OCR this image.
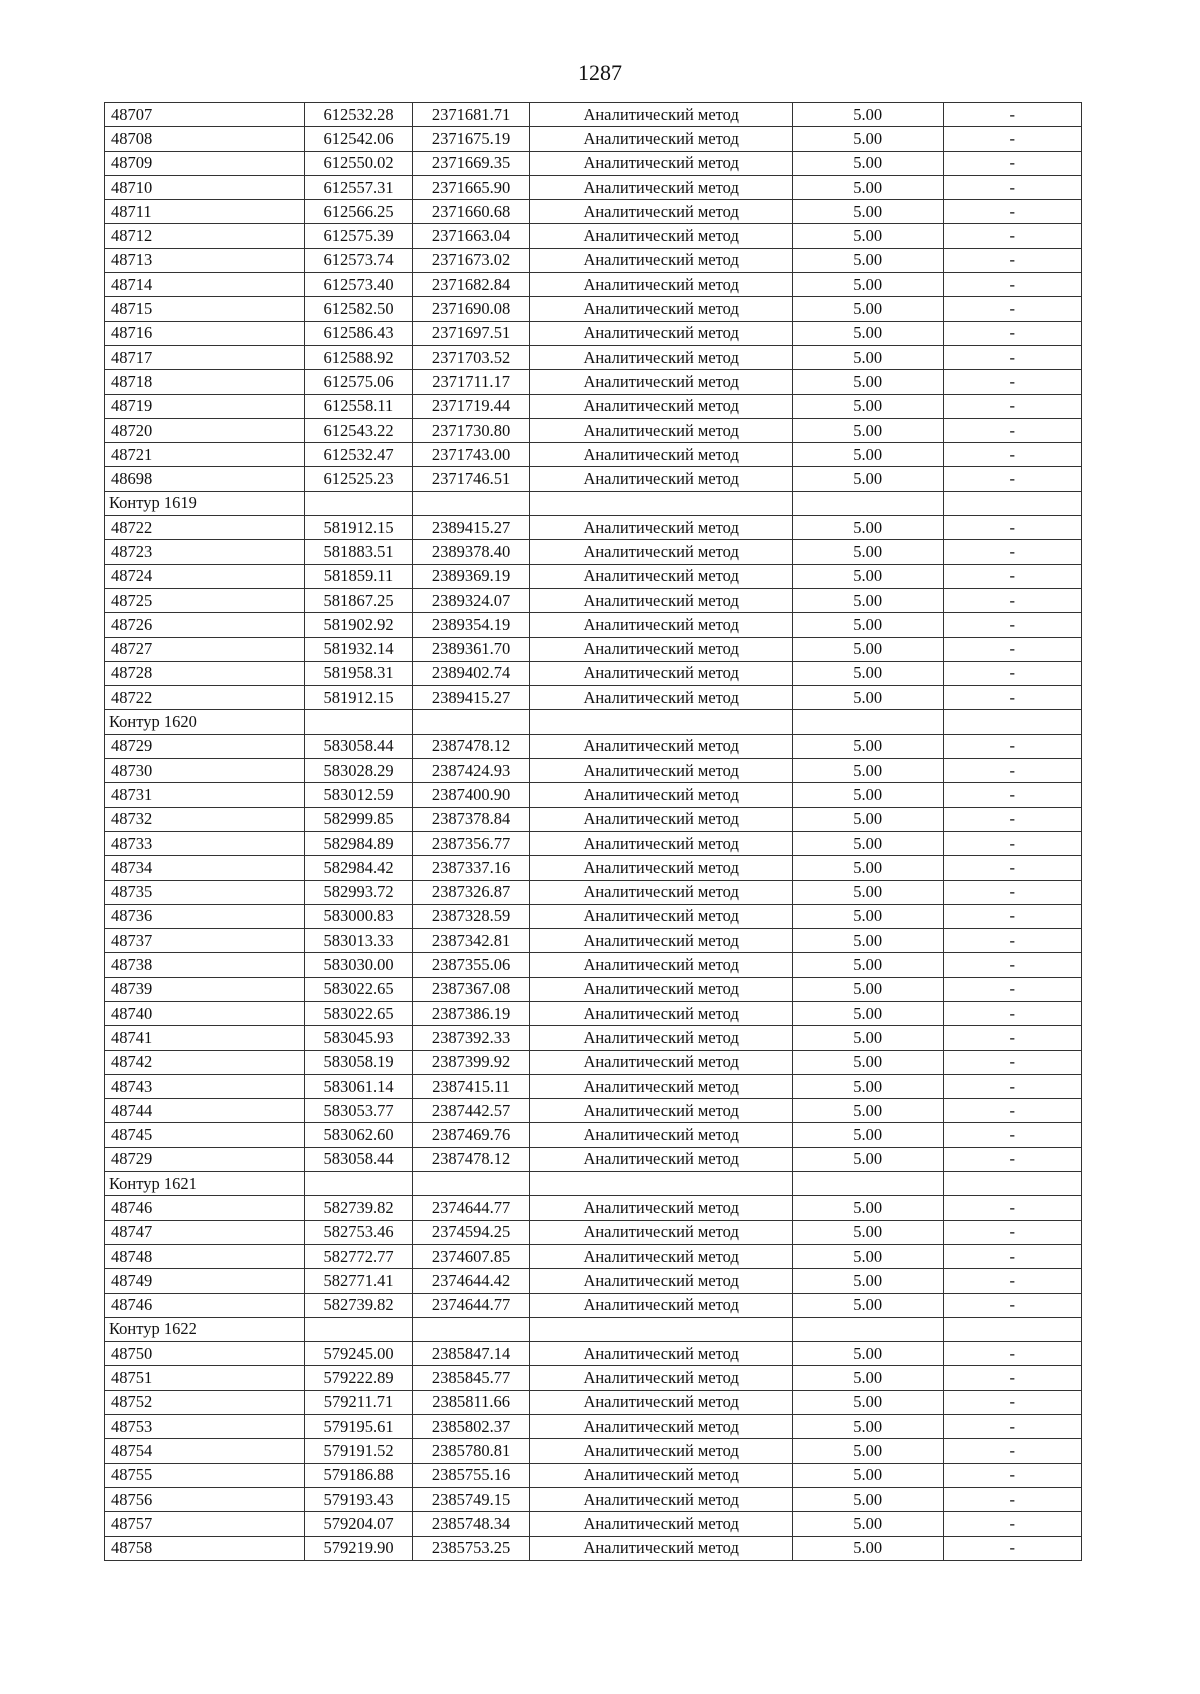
1287
48707	612532.28	2371681.71	Аналитический метод	5.00	-
48708	612542.06	2371675.19	Аналитический метод	5.00	-
48709	612550.02	2371669.35	Аналитический метод	5.00	-
48710	612557.31	2371665.90	Аналитический метод	5.00	-
48711	612566.25	2371660.68	Аналитический метод	5.00	-
48712	612575.39	2371663.04	Аналитический метод	5.00	-
48713	612573.74	2371673.02	Аналитический метод	5.00	-
48714	612573.40	2371682.84	Аналитический метод	5.00	-
48715	612582.50	2371690.08	Аналитический метод	5.00	-
48716	612586.43	2371697.51	Аналитический метод	5.00	-
48717	612588.92	2371703.52	Аналитический метод	5.00	-
48718	612575.06	2371711.17	Аналитический метод	5.00	-
48719	612558.11	2371719.44	Аналитический метод	5.00	-
48720	612543.22	2371730.80	Аналитический метод	5.00	-
48721	612532.47	2371743.00	Аналитический метод	5.00	-
48698	612525.23	2371746.51	Аналитический метод	5.00	-
Контур 1619					
48722	581912.15	2389415.27	Аналитический метод	5.00	-
48723	581883.51	2389378.40	Аналитический метод	5.00	-
48724	581859.11	2389369.19	Аналитический метод	5.00	-
48725	581867.25	2389324.07	Аналитический метод	5.00	-
48726	581902.92	2389354.19	Аналитический метод	5.00	-
48727	581932.14	2389361.70	Аналитический метод	5.00	-
48728	581958.31	2389402.74	Аналитический метод	5.00	-
48722	581912.15	2389415.27	Аналитический метод	5.00	-
Контур 1620					
48729	583058.44	2387478.12	Аналитический метод	5.00	-
48730	583028.29	2387424.93	Аналитический метод	5.00	-
48731	583012.59	2387400.90	Аналитический метод	5.00	-
48732	582999.85	2387378.84	Аналитический метод	5.00	-
48733	582984.89	2387356.77	Аналитический метод	5.00	-
48734	582984.42	2387337.16	Аналитический метод	5.00	-
48735	582993.72	2387326.87	Аналитический метод	5.00	-
48736	583000.83	2387328.59	Аналитический метод	5.00	-
48737	583013.33	2387342.81	Аналитический метод	5.00	-
48738	583030.00	2387355.06	Аналитический метод	5.00	-
48739	583022.65	2387367.08	Аналитический метод	5.00	-
48740	583022.65	2387386.19	Аналитический метод	5.00	-
48741	583045.93	2387392.33	Аналитический метод	5.00	-
48742	583058.19	2387399.92	Аналитический метод	5.00	-
48743	583061.14	2387415.11	Аналитический метод	5.00	-
48744	583053.77	2387442.57	Аналитический метод	5.00	-
48745	583062.60	2387469.76	Аналитический метод	5.00	-
48729	583058.44	2387478.12	Аналитический метод	5.00	-
Контур 1621					
48746	582739.82	2374644.77	Аналитический метод	5.00	-
48747	582753.46	2374594.25	Аналитический метод	5.00	-
48748	582772.77	2374607.85	Аналитический метод	5.00	-
48749	582771.41	2374644.42	Аналитический метод	5.00	-
48746	582739.82	2374644.77	Аналитический метод	5.00	-
Контур 1622					
48750	579245.00	2385847.14	Аналитический метод	5.00	-
48751	579222.89	2385845.77	Аналитический метод	5.00	-
48752	579211.71	2385811.66	Аналитический метод	5.00	-
48753	579195.61	2385802.37	Аналитический метод	5.00	-
48754	579191.52	2385780.81	Аналитический метод	5.00	-
48755	579186.88	2385755.16	Аналитический метод	5.00	-
48756	579193.43	2385749.15	Аналитический метод	5.00	-
48757	579204.07	2385748.34	Аналитический метод	5.00	-
48758	579219.90	2385753.25	Аналитический метод	5.00	-
